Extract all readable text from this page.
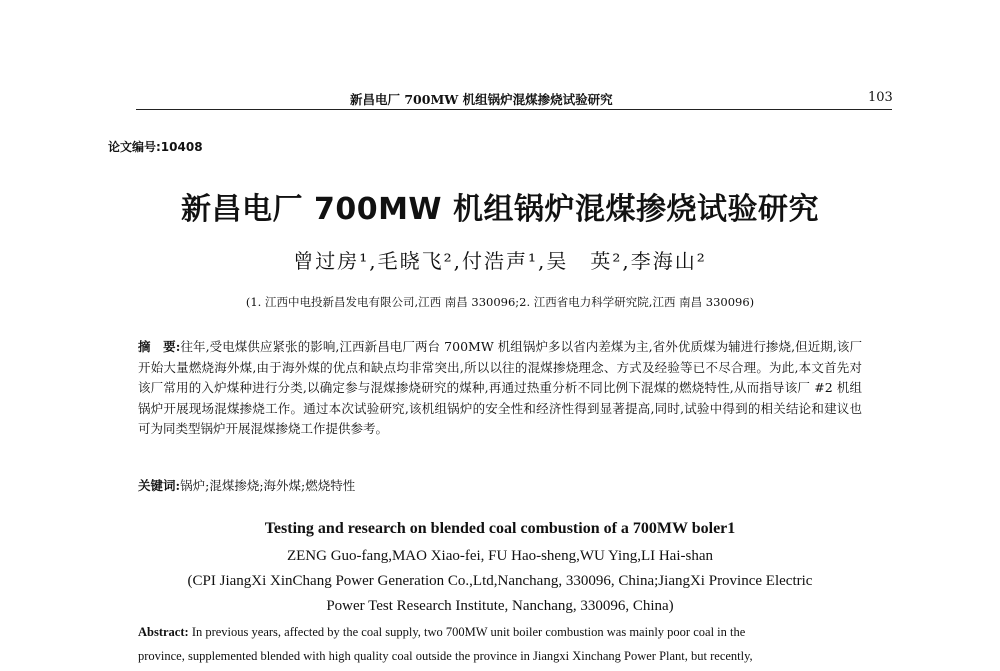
新昌电厂 700MW 机组锅炉混煤掺烧试验研究	103
论文编号:10408
新昌电厂 700MW 机组锅炉混煤掺烧试验研究
曾过房¹,毛晓飞²,付浩声¹,吴　英²,李海山²
(1. 江西中电投新昌发电有限公司,江西 南昌 330096;2. 江西省电力科学研究院,江西 南昌 330096)
摘　要:往年,受电煤供应紧张的影响,江西新昌电厂两台 700MW 机组锅炉多以省内差煤为主,省外优质煤为辅进行掺烧,但近期,该厂开始大量燃烧海外煤,由于海外煤的优点和缺点均非常突出,所以以往的混煤掺烧理念、方式及经验等已不尽合理。为此,本文首先对该厂常用的入炉煤种进行分类,以确定参与混煤掺烧研究的煤种,再通过热重分析不同比例下混煤的燃烧特性,从而指导该厂 #2 机组锅炉开展现场混煤掺烧工作。通过本次试验研究,该机组锅炉的安全性和经济性得到显著提高,同时,试验中得到的相关结论和建议也可为同类型锅炉开展混煤掺烧工作提供参考。
关键词:锅炉;混煤掺烧;海外煤;燃烧特性
Testing and research on blended coal combustion of a 700MW boler1
ZENG Guo-fang,MAO Xiao-fei, FU Hao-sheng,WU Ying,LI Hai-shan
(CPI JiangXi XinChang Power Generation Co.,Ltd,Nanchang, 330096, China;JiangXi Province Electric
Power Test Research Institute, Nanchang, 330096, China)
Abstract: In previous years, affected by the coal supply, two 700MW unit boiler combustion was mainly poor coal in the
province, supplemented blended with high quality coal outside the province in Jiangxi Xinchang Power Plant, but recently,
